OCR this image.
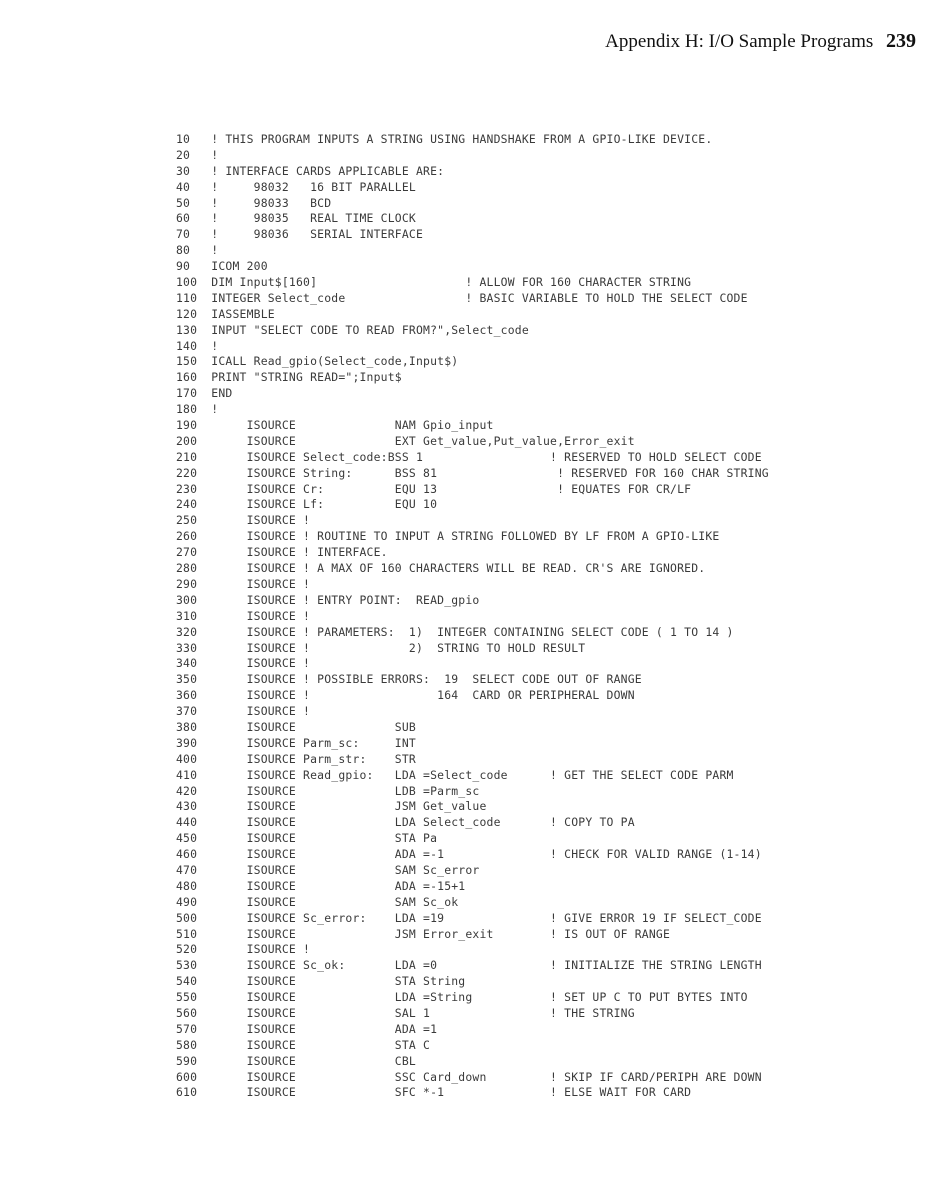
Appendix H: I/O Sample Programs 239
10   ! THIS PROGRAM INPUTS A STRING USING HANDSHAKE FROM A GPIO-LIKE DEVICE.
20   !
30   ! INTERFACE CARDS APPLICABLE ARE:
40   !     98032   16 BIT PARALLEL
50   !     98033   BCD
60   !     98035   REAL TIME CLOCK
70   !     98036   SERIAL INTERFACE
80   !
90   ICOM 200
100  DIM Input$[160]                     ! ALLOW FOR 160 CHARACTER STRING
110  INTEGER Select_code                 ! BASIC VARIABLE TO HOLD THE SELECT CODE
120  IASSEMBLE
130  INPUT "SELECT CODE TO READ FROM?",Select_code
140  !
150  ICALL Read_gpio(Select_code,Input$)
160  PRINT "STRING READ=";Input$
170  END
180  !
190       ISOURCE              NAM Gpio_input
200       ISOURCE              EXT Get_value,Put_value,Error_exit
210       ISOURCE Select_code:BSS 1                  ! RESERVED TO HOLD SELECT CODE
220       ISOURCE String:      BSS 81                 ! RESERVED FOR 160 CHAR STRING
230       ISOURCE Cr:          EQU 13                 ! EQUATES FOR CR/LF
240       ISOURCE Lf:          EQU 10
250       ISOURCE !
260       ISOURCE ! ROUTINE TO INPUT A STRING FOLLOWED BY LF FROM A GPIO-LIKE
270       ISOURCE ! INTERFACE.
280       ISOURCE ! A MAX OF 160 CHARACTERS WILL BE READ. CR'S ARE IGNORED.
290       ISOURCE !
300       ISOURCE ! ENTRY POINT:  READ_gpio
310       ISOURCE !
320       ISOURCE ! PARAMETERS:  1)  INTEGER CONTAINING SELECT CODE ( 1 TO 14 )
330       ISOURCE !              2)  STRING TO HOLD RESULT
340       ISOURCE !
350       ISOURCE ! POSSIBLE ERRORS:  19  SELECT CODE OUT OF RANGE
360       ISOURCE !                  164  CARD OR PERIPHERAL DOWN
370       ISOURCE !
380       ISOURCE              SUB
390       ISOURCE Parm_sc:     INT
400       ISOURCE Parm_str:    STR
410       ISOURCE Read_gpio:   LDA =Select_code      ! GET THE SELECT CODE PARM
420       ISOURCE              LDB =Parm_sc
430       ISOURCE              JSM Get_value
440       ISOURCE              LDA Select_code       ! COPY TO PA
450       ISOURCE              STA Pa
460       ISOURCE              ADA =-1               ! CHECK FOR VALID RANGE (1-14)
470       ISOURCE              SAM Sc_error
480       ISOURCE              ADA =-15+1
490       ISOURCE              SAM Sc_ok
500       ISOURCE Sc_error:    LDA =19               ! GIVE ERROR 19 IF SELECT_CODE
510       ISOURCE              JSM Error_exit        ! IS OUT OF RANGE
520       ISOURCE !
530       ISOURCE Sc_ok:       LDA =0                ! INITIALIZE THE STRING LENGTH
540       ISOURCE              STA String
550       ISOURCE              LDA =String           ! SET UP C TO PUT BYTES INTO
560       ISOURCE              SAL 1                 ! THE STRING
570       ISOURCE              ADA =1
580       ISOURCE              STA C
590       ISOURCE              CBL
600       ISOURCE              SSC Card_down         ! SKIP IF CARD/PERIPH ARE DOWN
610       ISOURCE              SFC *-1               ! ELSE WAIT FOR CARD
